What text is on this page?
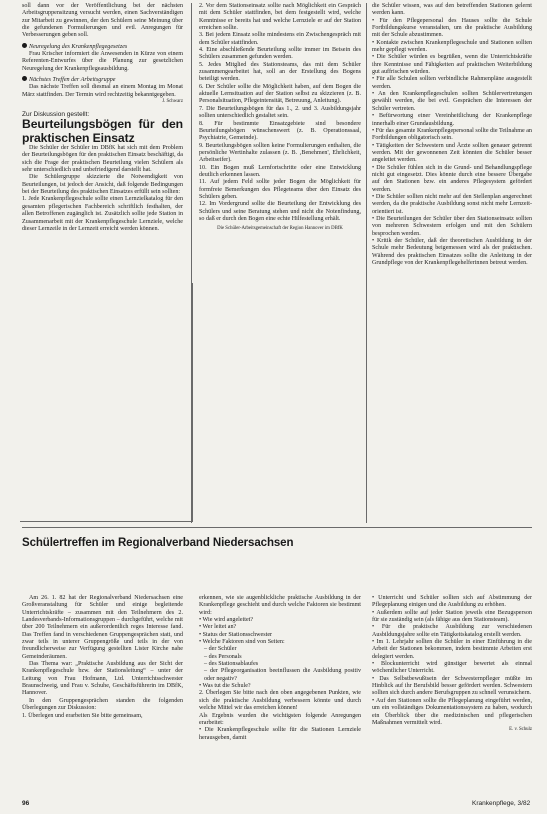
soll dann vor der Veröffentlichung bei der nächsten Arbeitsgruppensitzung versucht werden, einen Sachverständigen zur Mitarbeit zu gewinnen, der den Schülern seine Meinung über die gefundenen Formulierungen und evtl. Anregungen für Verbesserungen geben soll.

Neuregelung des Krankenpflegegesetzes

Frau Krischer informiert die Anwesenden in Kürze von einem Referenten-Entwurfes über die Planung zur gesetzlichen Neuregelung der Krankenpflegeausbildung.

Nächstes Treffen der Arbeitsgruppe

Das nächste Treffen soll diesmal an einem Montag im Monat März stattfinden. Der Termin wird rechtzeitig bekanntgegeben.

J. Schwarz

Zur Diskussion gestellt:

Beurteilungsbögen für den praktischen Einsatz

Die Schüler der Schüler im DBfK hat sich mit dem Problem der Beurteilungsbögen für den praktischen Einsatz beschäftigt, da sich die Frage der praktischen Beurteilung vielen Schülern als sehr unterschiedlich und unbefriedigend darstellt hat.

Die Schülergruppe skizzierte die Notwendigkeit von Beurteilungen, ist jedoch der Ansicht, daß folgende Bedingungen bei der Beurteilung des praktischen Einsatzes erfüllt sein sollten:

1. Jede Krankenpflegeschule sollte einen Lernzielkatalog für den gesamten pflegerischen Fachbereich schriftlich festhalten, der allen Betroffenen zugänglich ist. Zusätzlich sollte jede Station in Zusammenarbeit mit der Krankenpflegeschule Lernziele, welche dieser Lernzeile in der Lernzeit erreicht werden können.

2. Vor dem Stationseinsatz sollte nach Möglichkeit ein Gespräch mit dem Schüler stattfinden, bei dem festgestellt wird, welche Kenntnisse er bereits hat und welche Lernziele er auf der Station erreichen sollte.

3. Bei jedem Einsatz sollte mindestens ein Zwischengespräch mit dem Schüler stattfinden.

4. Eine abschließende Beurteilung sollte immer im Beisein des Schülers zusammen gefunden werden.

5. Jedes Mitglied des Stationsteams, das mit dem Schüler zusammengearbeitet hat, soll an der Erstellung des Bogens beteiligt werden.

6. Der Schüler sollte die Möglichkeit haben, auf dem Bogen die aktuelle Lernsituation auf der Station selbst zu skizzieren (z. B. Personalsituation, Pflegeintensität, Betreuung, Anleitung).

7. Die Beurteilungsbögen für das 1., 2. und 3. Ausbildungsjahr sollten unterschiedlich gestaltet sein.

8. Für bestimmte Einsatzgebiete sind besondere Beurteilungsbögen wünschenswert (z. B. Operationssaal, Psychiatrie, Gemeinde).

9. Beurteilungsbögen sollten keine Formulierungen enthalten, die persönliche Wertinhalte zulassen (z. B. ‚Benehmen', Ehrlichkeit, Arbeitseifer).

10. Ein Bogen muß Lernfortschritte oder eine Entwicklung deutlich erkennen lassen.

11. Auf jedem Feld sollte jeder Bogen die Möglichkeit für formfreie Bemerkungen des Pflegeteams über den Einsatz des Schülers geben.

12. Im Vordergrund sollte die Beurteilung der Entwicklung des Schülers und seine Beratung stehen und nicht die Notenfindung, so daß er durch den Bogen eine echte Hilfestellung erhält.

Die Schüler-Arbeitsgemeinschaft der Region Hannover im DBfK

die Schüler wissen, was auf den betreffenden Stationen gelernt werden kann.

• Für den Pflegepersonal des Hauses sollte die Schule Fortbildungskurse veranstalten, um die praktische Ausbildung mit der Schule abzustimmen.

• Kontakte zwischen Krankenpflegeschule und Stationen sollten mehr gepflegt werden.

• Die Schüler würden es begrüßen, wenn die Unterrichtskräfte ihre Kenntnisse und Fähigkeiten auf praktischen Weiterbildung gut auffrischen würden.

• Für alle Schulen sollten verbindliche Rahmenpläne ausgestellt werden.

• An den Krankenpflegeschulen sollten Schülervertretungen gewählt werden, die bei evtl. Gesprächen die Interessen der Schüler vertreten.

• Befürwortung einer Vereinheitlichung der Krankenpflege innerhalb einer Grundausbildung.

• Für das gesamte Krankenpflegepersonal sollte die Teilnahme an Fortbildungen obligatorisch sein.

• Tätigkeiten der Schwestern und Ärzte sollten genauer getrennt werden. Mit der gewonnenen Zeit könnten die Schüler besser angeleitet werden.

• Die Schüler fühlen sich in die Grund- und Behandlungspflege nicht gut eingesetzt. Dies könnte durch eine bessere Übergabe auf den Stationen bzw. ein anderes Pflegesystem gefördert werden.

• Die Schüler sollten nicht mehr auf den Stellenplan angerechnet werden, da die praktische Ausbildung sonst nicht mehr Lernzeit-orientiert ist.

• Die Beurteilungen der Schüler über den Stationseinsatz sollten von mehreren Schwestern erfolgen und mit den Schülern besprochen werden.

• Kritik der Schüler, daß der theoretischen Ausbildung in der Schule mehr Bedeutung beigemessen wird als der praktischen. Während des praktischen Einsatzes sollte die Anleitung in der Grundpflege von der Krankenpflegehelferinnen betreut werden.

Schülertreffen im Regionalverband Niedersachsen

Am 26. 1. 82 hat der Regionalverband Niedersachsen eine Großveranstaltung für Schüler und einige begleitende Unterrichtskräfte – zusammen mit den Teilnehmern des 2. Landesverbands-Informationsgruppen – durchgeführt, welche mit über 200 Teilnehmern ein außerordentlich reges Interesse fand. Das Treffen fand in verschiedenen Gruppengesprächen statt, und zwar teils in unterer Gruppengröße und teils in der von freundlicherweise zur Verfügung gestellten Lister Kirche nahe Gemeinderäumen.

Das Thema war: „Praktische Ausbildung aus der Sicht der Krankenpflegeschule bzw. der Stationsleitung“ – unter der Leitung von Frau Hofmann, Ltd. Unterrichtsschwester Braunschweig, und Frau v. Schuhe, Geschäftsführerin im DBfK, Hannover.

In den Gruppengesprächen standen die folgenden Überlegungen zur Diskussion:

1. Überlegen und erarbeiten Sie bitte gemeinsam,

erkennen, wie sie augenblickliche praktische Ausbildung in der Krankenpflege geschieht und durch welche Faktoren sie bestimmt wird:

• Wie wird angeleitet?

• Wer leitet an?

• Status der Stationsschwester

• Welche Faktoren sind von Seiten:

– der Schüler

– des Personals

– des Stationsablaufes

– der Pflegeorganisation beeinflussen die Ausbildung positiv oder negativ?

• Was tut die Schule?

2. Überlegen Sie bitte nach den oben angegebenen Punkten, wie sich die praktische Ausbildung verbessern könnte und durch welche Mittel wir das erreichen können!

Als Ergebnis wurden die wichtigsten folgende Anregungen erarbeitet:

• Die Krankenpflegeschule sollte für die Stationen Lernziele herausgeben, damit

• Unterricht und Schüler sollten sich auf Abstimmung der Pflegeplanung einigen und die Ausbildung zu erhöhen.

• Außerdem sollte auf jeder Station jeweils eine Bezugsperson für sie zuständig sein (als fähige aus dem Stationsteam).

• Für die praktische Ausbildung zur verschiedenen Ausbildungsjahre sollte ein Tätigkeitskatalog erstellt werden.

• Im 1. Lehrjahr sollten die Schüler in einer Einführung in die Arbeit der Stationen bekommen, indem bestimmte Arbeiten erst delegiert werden.

• Blockunterricht wird günstiger bewertet als einmal wöchentlicher Unterricht.

• Das Selbstbewußtsein der Schwesternpfleger müßte im Hinblick auf ihr Berufsbild besser gefördert werden. Schwestern sollten sich durch andere Berufsgruppen zu schnell verunsichern.

• Auf den Stationen sollte die Pflegeplanung eingeführt werden, um ein vollständiges Dokumentationssystem zu haben, wodurch ein Überblick über die medizinischen und pflegerischen Maßnahmen vermittelt wird.

E. v. Schulz

96	Krankenpflege, 3/82
